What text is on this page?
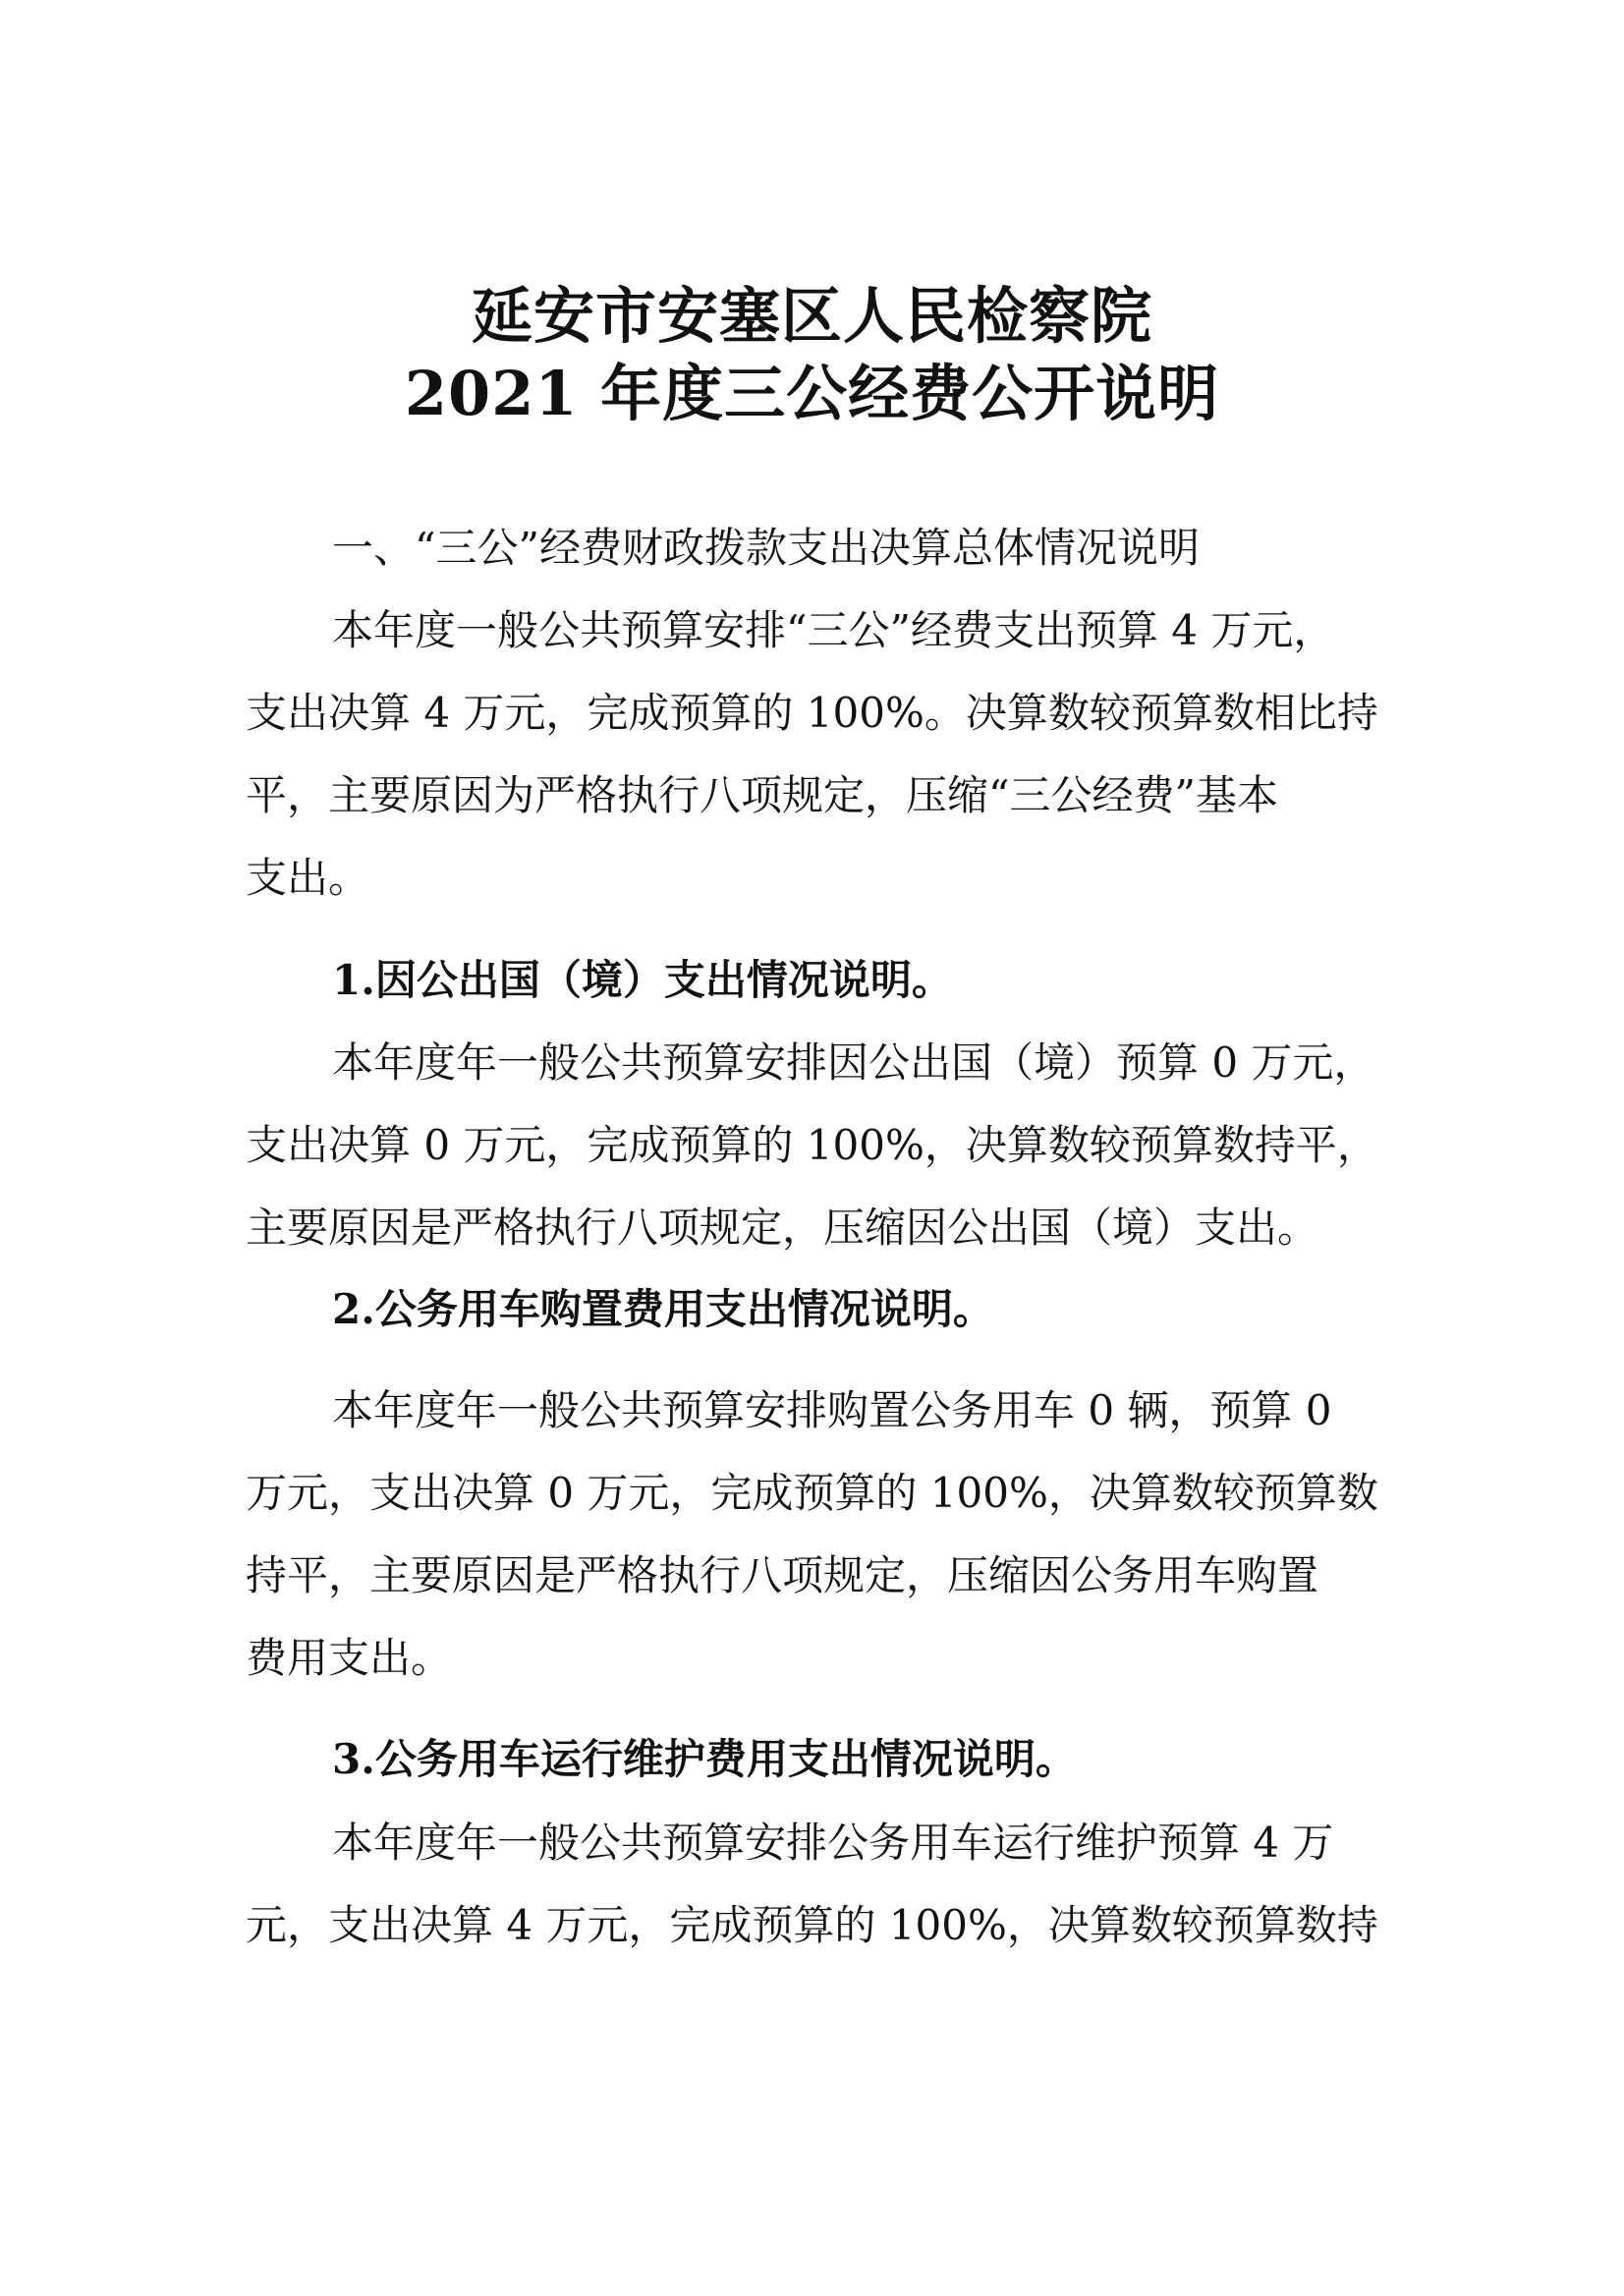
延安市安塞区人民检察院
2021 年度三公经费公开说明
一、“三公”经费财政拨款支出决算总体情况说明
本年度一般公共预算安排“三公”经费支出预算 4 万元，
支出决算 4 万元，完成预算的 100%。决算数较预算数相比持
平，主要原因为严格执行八项规定，压缩“三公经费”基本
支出。
1.因公出国（境）支出情况说明。
本年度年一般公共预算安排因公出国（境）预算 0 万元，
支出决算 0 万元，完成预算的 100%，决算数较预算数持平，
主要原因是严格执行八项规定，压缩因公出国（境）支出。
2.公务用车购置费用支出情况说明。
本年度年一般公共预算安排购置公务用车 0 辆，预算 0
万元，支出决算 0 万元，完成预算的 100%，决算数较预算数
持平，主要原因是严格执行八项规定，压缩因公务用车购置
费用支出。
3.公务用车运行维护费用支出情况说明。
本年度年一般公共预算安排公务用车运行维护预算 4 万
元，支出决算 4 万元，完成预算的 100%，决算数较预算数持
